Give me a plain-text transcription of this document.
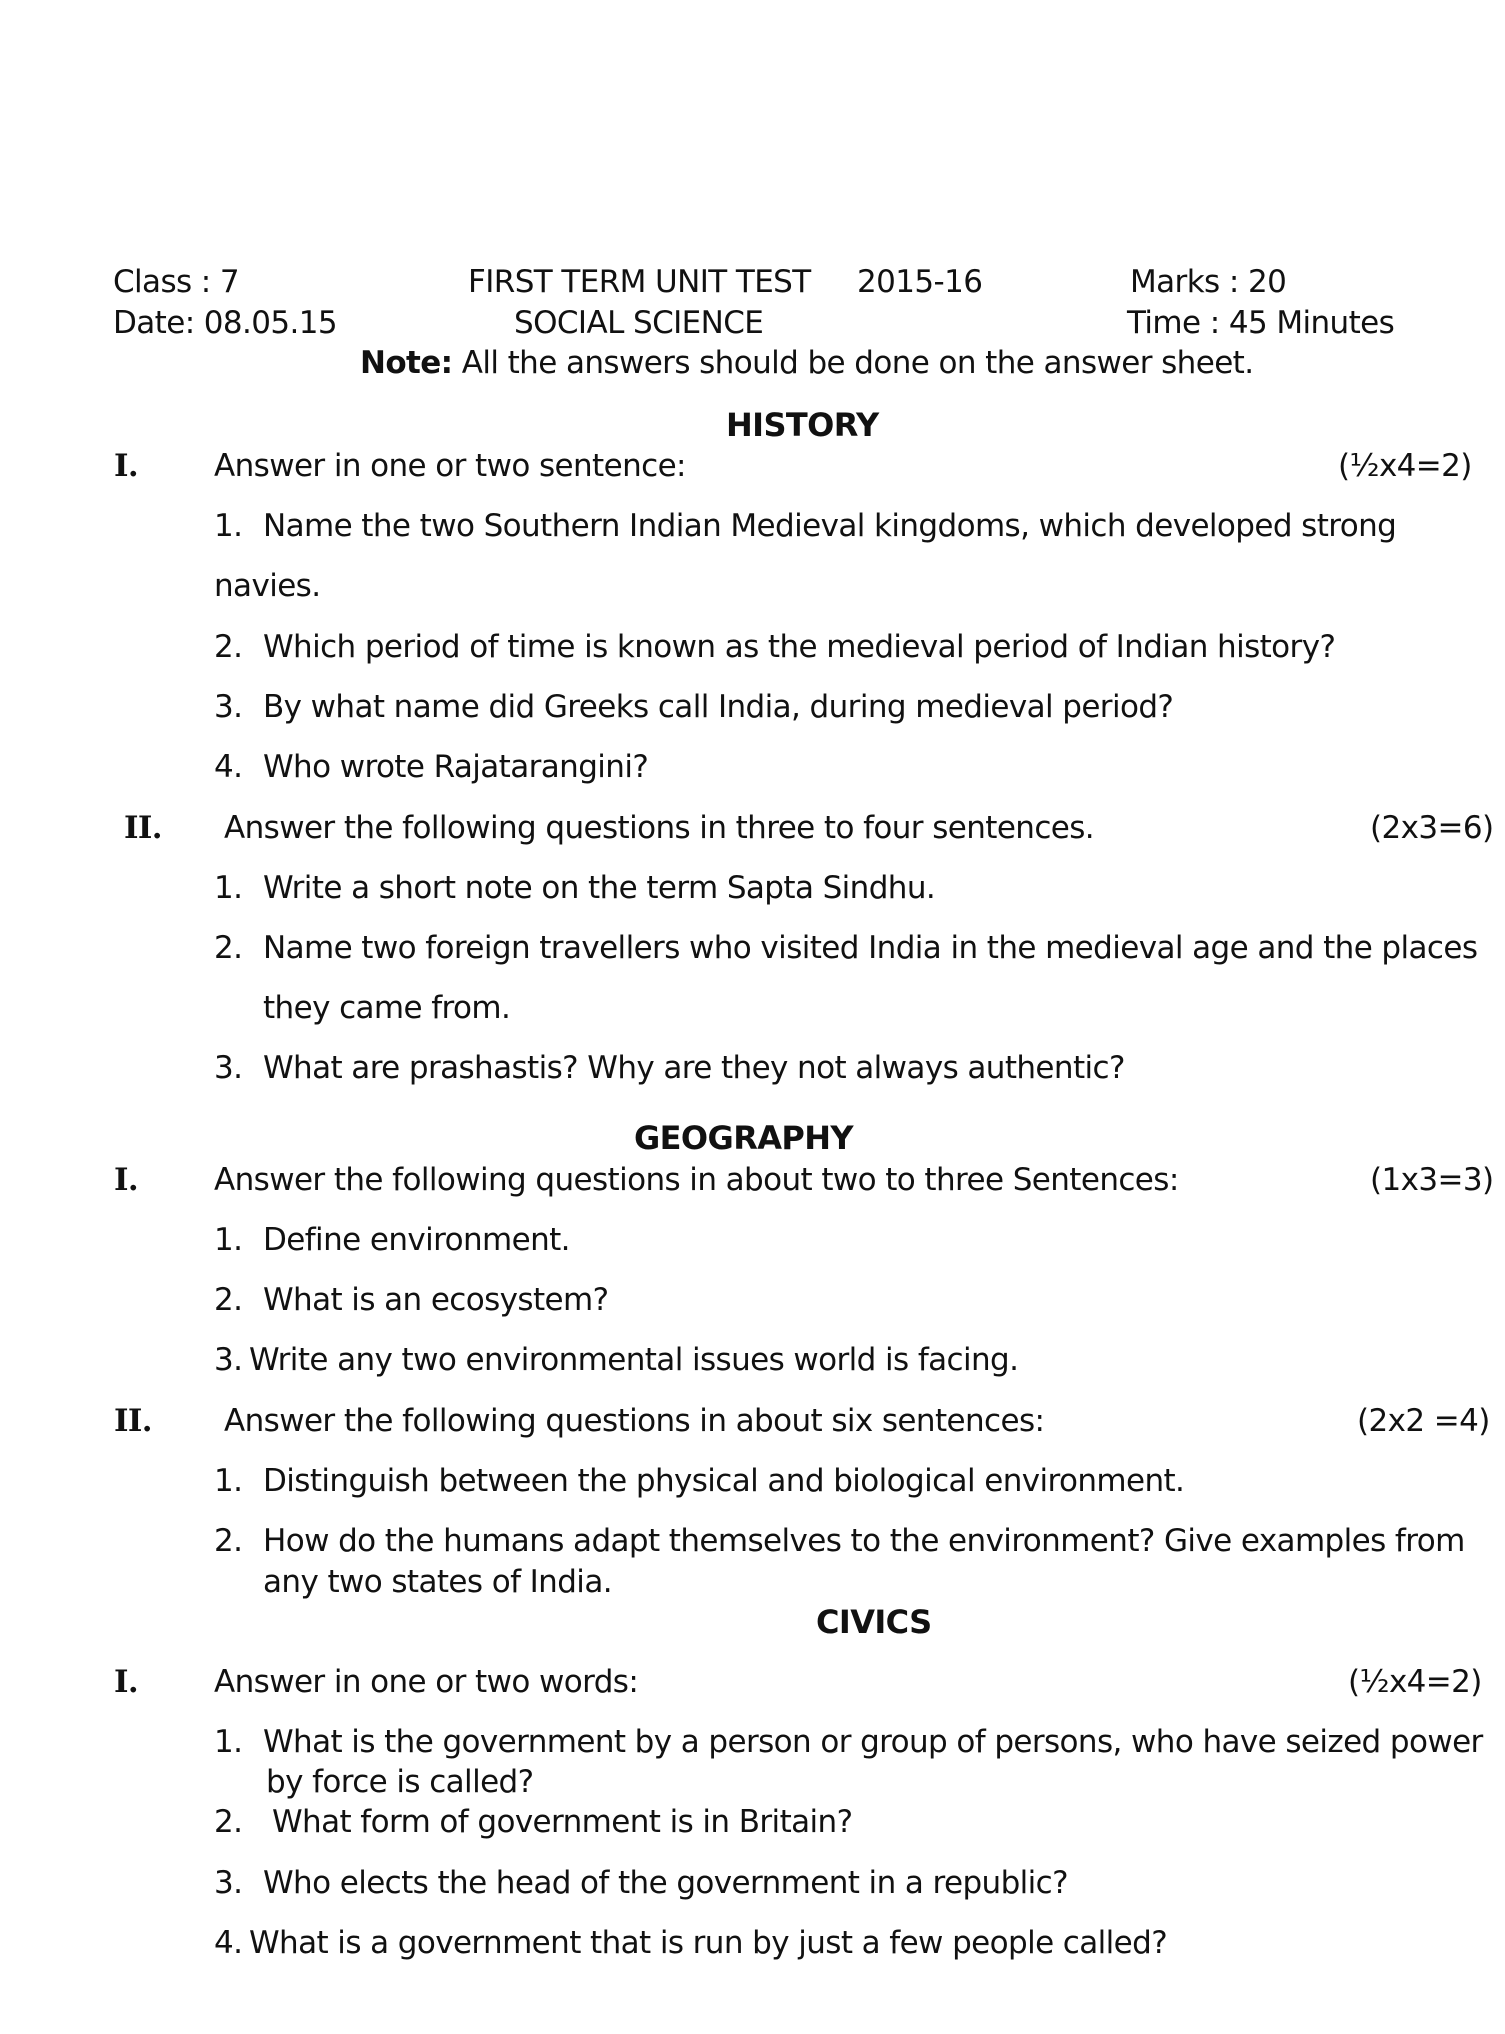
Class : 7	FIRST TERM UNIT TEST 2015-16	Marks : 20
Date: 08.05.15	SOCIAL SCIENCE	Time : 45 Minutes
Note: All the answers should be done on the answer sheet.
HISTORY
I. Answer in one or two sentence:	(½x4=2)
1. Name the two Southern Indian Medieval kingdoms, which developed strong
navies.
2. Which period of time is known as the medieval period of Indian history?
3. By what name did Greeks call India, during medieval period?
4. Who wrote Rajatarangini?
II. Answer the following questions in three to four sentences.	(2x3=6)
1. Write a short note on the term Sapta Sindhu.
2. Name two foreign travellers who visited India in the medieval age and the places
they came from.
3. What are prashastis? Why are they not always authentic?
GEOGRAPHY
I. Answer the following questions in about two to three Sentences:	(1x3=3)
1. Define environment.
2. What is an ecosystem?
3. Write any two environmental issues world is facing.
II. Answer the following questions in about six sentences:	(2x2 =4)
1. Distinguish between the physical and biological environment.
2. How do the humans adapt themselves to the environment? Give examples from
any two states of India.
CIVICS
I. Answer in one or two words:	(½x4=2)
1. What is the government by a person or group of persons, who have seized power
by force is called?
2. What form of government is in Britain?
3. Who elects the head of the government in a republic?
4. What is a government that is run by just a few people called?
